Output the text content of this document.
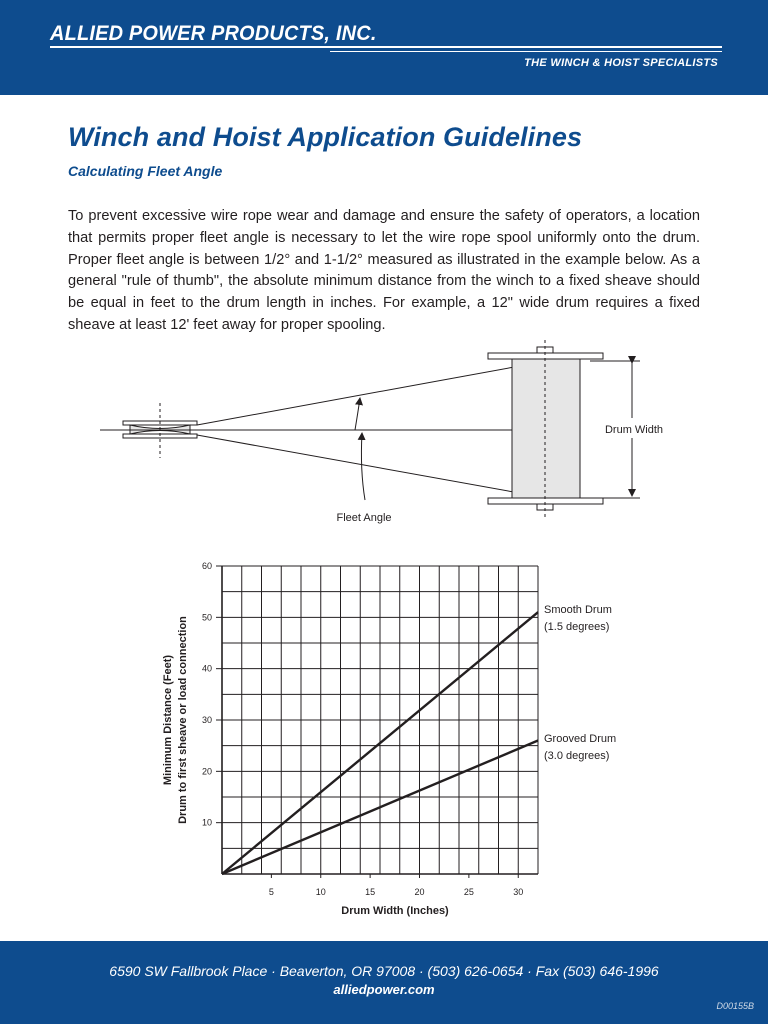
ALLIED POWER PRODUCTS, INC.
THE WINCH & HOIST SPECIALISTS
Winch and Hoist Application Guidelines
Calculating Fleet Angle

To prevent excessive wire rope wear and damage and ensure the safety of operators, a location that permits proper fleet angle is necessary to let the wire rope spool uniformly onto the drum. Proper fleet angle is between 1/2° and 1-1/2° measured as illustrated in the example below. As a general "rule of thumb", the absolute minimum distance from the winch to a fixed sheave should be equal in feet to the drum length in inches. For example, a 12" wide drum requires a fixed sheave at least 12' feet away for proper spooling.

Drum Width
Fleet Angle
5	10	15	20	25	30
10
20
30
40
50
60
Smooth Drum
(1.5 degrees)
Grooved Drum
(3.0 degrees)
Drum Width (Inches)
Minimum Distance (Feet) Drum to first sheave or load connection
6590 SW Fallbrook Place · Beaverton, OR 97008 · (503) 626-0654 · Fax (503) 646-1996
alliedpower.com
D00155B
